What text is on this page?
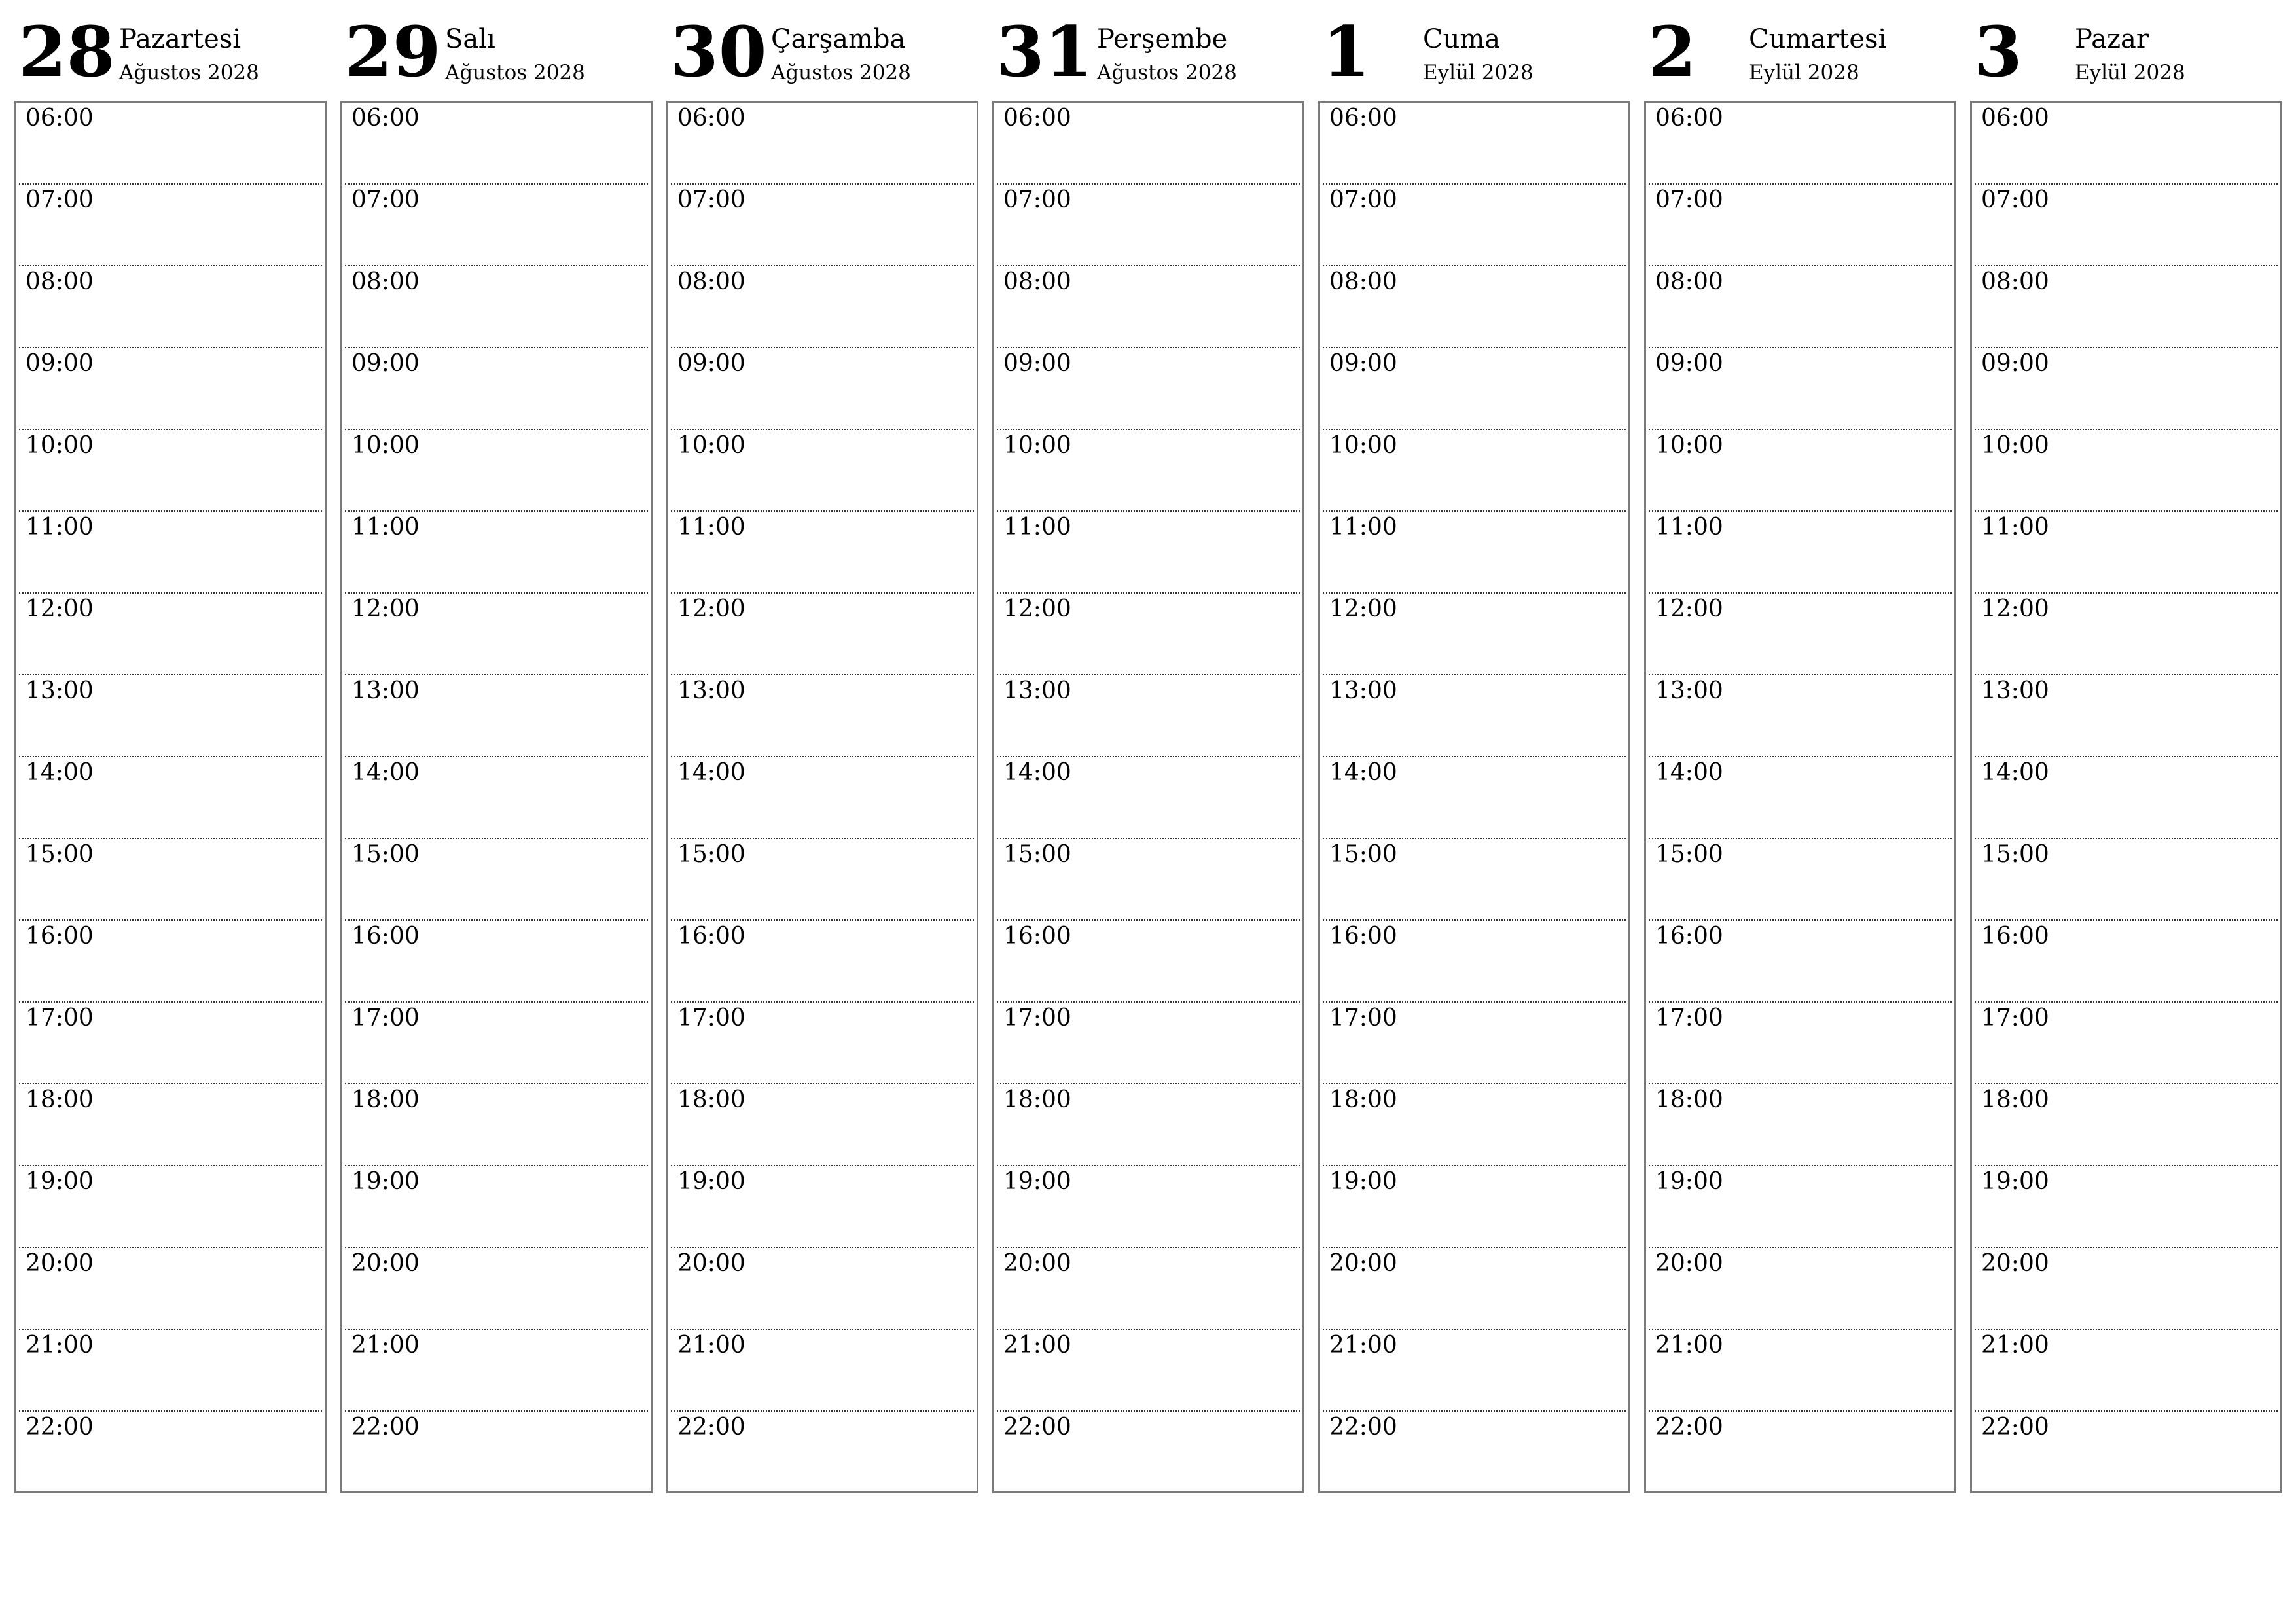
28 Pazartesi
Ağustos 2028
06:00
07:00
08:00
09:00
10:00
11:00
12:00
13:00
14:00
15:00
16:00
17:00
18:00
19:00
20:00
21:00
22:00
29 Salı
Ağustos 2028
06:00
07:00
08:00
09:00
10:00
11:00
12:00
13:00
14:00
15:00
16:00
17:00
18:00
19:00
20:00
21:00
22:00
30 Çarşamba
Ağustos 2028
06:00
07:00
08:00
09:00
10:00
11:00
12:00
13:00
14:00
15:00
16:00
17:00
18:00
19:00
20:00
21:00
22:00
31 Perşembe
Ağustos 2028
06:00
07:00
08:00
09:00
10:00
11:00
12:00
13:00
14:00
15:00
16:00
17:00
18:00
19:00
20:00
21:00
22:00
1 Cuma
Eylül 2028
06:00
07:00
08:00
09:00
10:00
11:00
12:00
13:00
14:00
15:00
16:00
17:00
18:00
19:00
20:00
21:00
22:00
2 Cumartesi
Eylül 2028
06:00
07:00
08:00
09:00
10:00
11:00
12:00
13:00
14:00
15:00
16:00
17:00
18:00
19:00
20:00
21:00
22:00
3 Pazar
Eylül 2028
06:00
07:00
08:00
09:00
10:00
11:00
12:00
13:00
14:00
15:00
16:00
17:00
18:00
19:00
20:00
21:00
22:00
